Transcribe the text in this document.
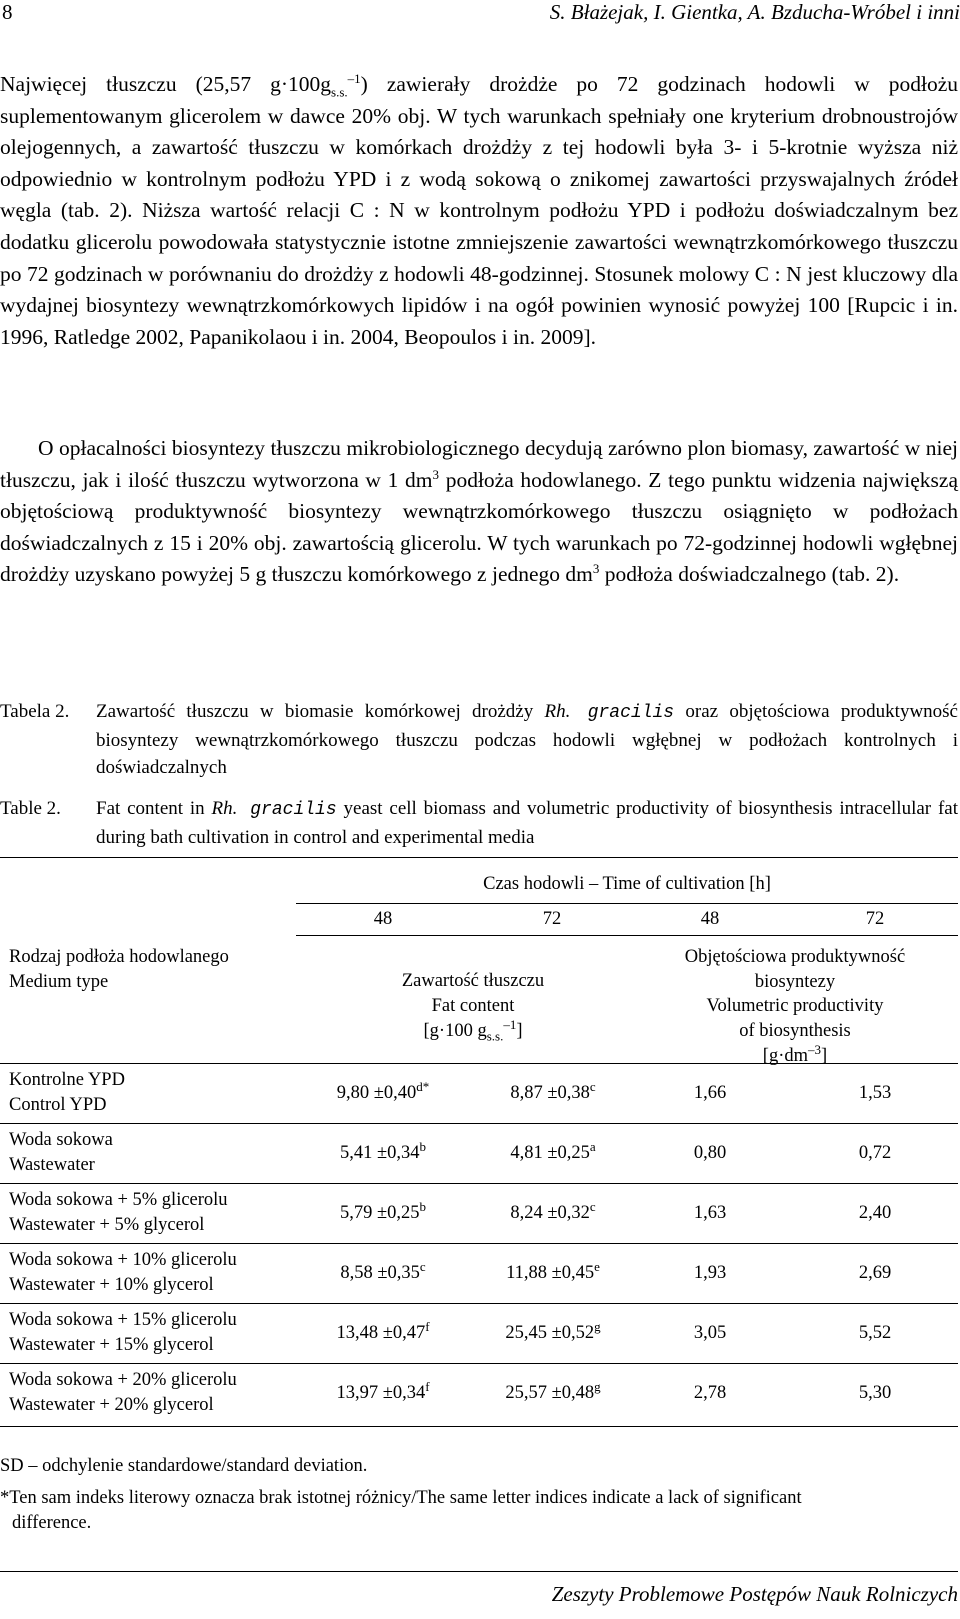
8	S. Błażejak, I. Gientka, A. Bzducha-Wróbel i inni

Najwięcej tłuszczu (25,57 $g\cdot 100g_{s.s.}^{-1}$) zawierały drożdże po 72 godzinach hodowli w podłożu suplementowanym glicerolem w dawce 20% obj. W tych warunkach spełniały one kryterium drobnoustrojów olejogennych, a zawartość tłuszczu w komórkach drożdży z tej hodowli była 3- i 5-krotnie wyższa niż odpowiednio w kontrolnym podłożu YPD i z wodą sokową o znikomej zawartości przyswajalnych źródeł węgla (tab. 2). Niższa wartość relacji C : N w kontrolnym podłożu YPD i podłożu doświadczalnym bez dodatku glicerolu powodowała statystycznie istotne zmniejszenie zawartości wewnątrzkomórkowego tłuszczu po 72 godzinach w porównaniu do drożdży z hodowli 48-godzinnej. Stosunek molowy C : N jest kluczowy dla wydajnej biosyntezy wewnątrzkomórkowych lipidów i na ogół powinien wynosić powyżej 100 [Rupcic i in. 1996, Ratledge 2002, Papanikolaou i in. 2004, Beopoulos i in. 2009].

O opłacalności biosyntezy tłuszczu mikrobiologicznego decydują zarówno plon biomasy, zawartość w niej tłuszczu, jak i ilość tłuszczu wytworzona w 1 $dm^3$ podłoża hodowlanego. Z tego punktu widzenia największą objętościową produktywność biosyntezy wewnątrzkomórkowego tłuszczu osiągnięto w podłożach doświadczalnych z 15 i 20% obj. zawartością glicerolu. W tych warunkach po 72-godzinnej hodowli wgłębnej drożdży uzyskano powyżej 5 g tłuszczu komórkowego z jednego $dm^3$ podłoża doświadczalnego (tab. 2).

Tabela 2. Zawartość tłuszczu w biomasie komórkowej drożdży Rh. gracilis oraz objętościowa produktywność biosyntezy wewnątrzkomórkowego tłuszczu podczas hodowli wgłębnej w podłożach kontrolnych i doświadczalnych
Table 2. Fat content in Rh. gracilis yeast cell biomass and volumetric productivity of biosynthesis intracellular fat during bath cultivation in control and experimental media
Czas hodowli – Time of cultivation [h]
48	72	48	72
Rodzaj podłoża hodowlanego
Medium type	Zawartość tłuszczu
Fat content
[g·100 $g_{s.s.}^{-1}$]
Objętościowa produktywność
biosyntezy
Volumetric productivity
of biosynthesis
$[g\cdot dm^{-3}]$
Kontrolne YPD
Control YPD
$9,80 \pm 0,40^{d*}$	8,87 ±0,38$^c$	1,66	1,53
Woda sokowa
Wastewater
5,41 ±0,34$^b$	4,81 ±0,25$^a$	0,80	0,72
Woda sokowa + 5% glicerolu
Wastewater + 5% glycerol
5,79 ±0,25$^b$	8,24 ±0,32$^c$	1,63	2,40
Woda sokowa + 10% glicerolu
Wastewater + 10% glycerol
8,58 ±0,35$^c$	11,88 ±0,45$^e$	1,93	2,69
Woda sokowa + 15% glicerolu
Wastewater + 15% glycerol
13,48 ±0,47$^f$	25,45 ±0,52$^g$	3,05	5,52
Woda sokowa + 20% glicerolu
Wastewater + 20% glycerol
13,97 ±0,34$^f$	25,57 ±0,48$^g$	2,78	5,30
SD – odchylenie standardowe/standard deviation.
*Ten sam indeks literowy oznacza brak istotnej różnicy/The same letter indices indicate a lack of significant
difference.
Zeszyty Problemowe Postępów Nauk Rolniczych
